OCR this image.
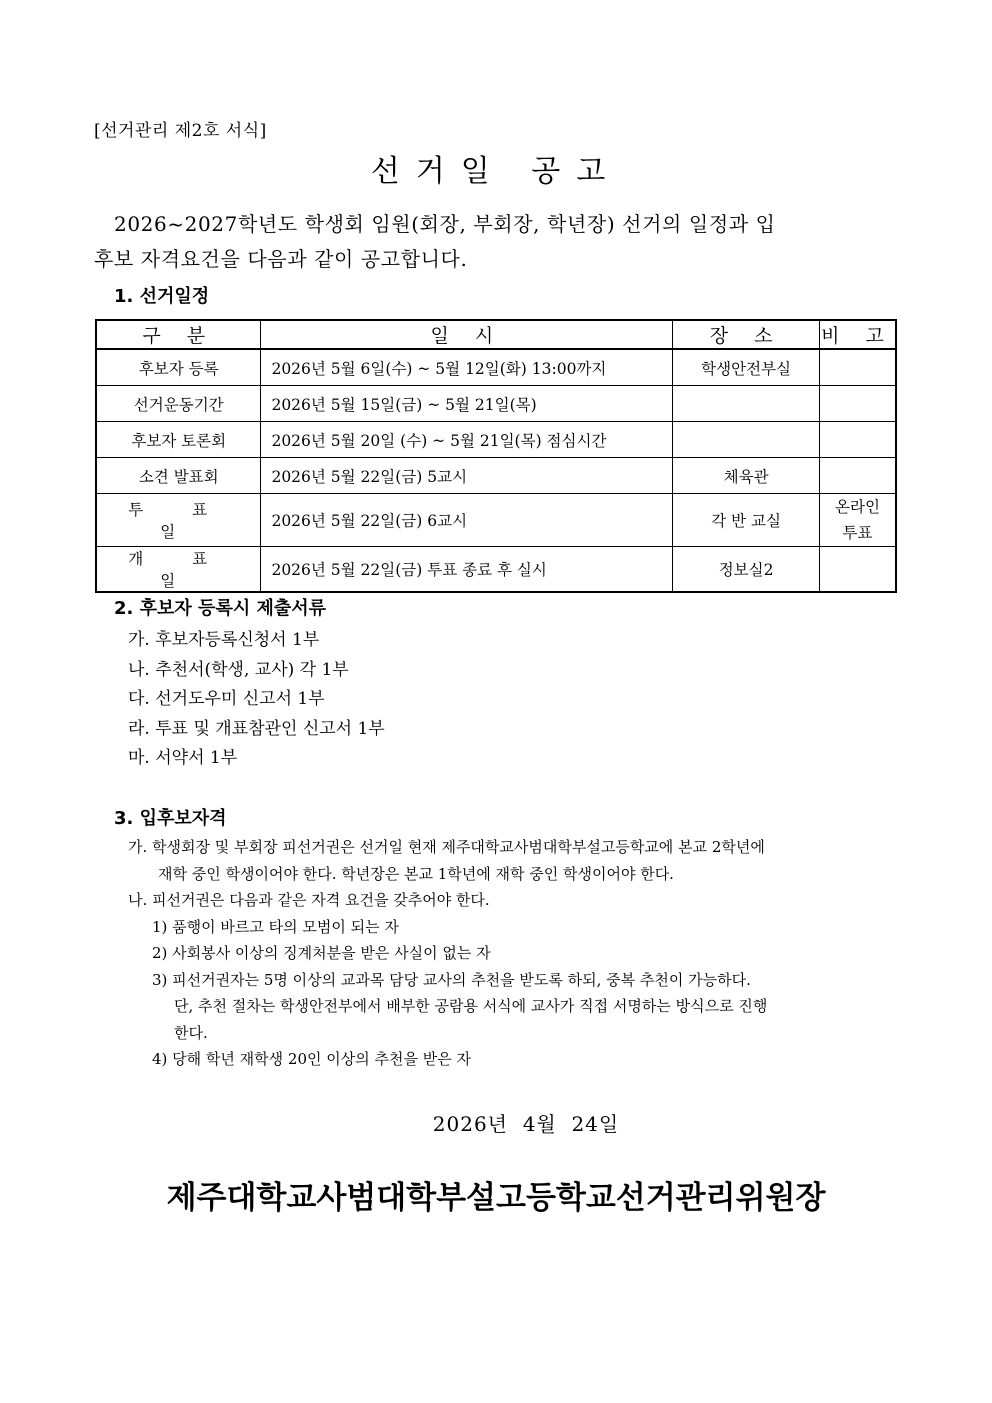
[선거관리 제2호 서식]
선거일 공고
2026~2027학년도 학생회 임원(회장, 부회장, 학년장) 선거의 일정과 입
후보 자격요건을 다음과 같이 공고합니다.
1. 선거일정
구 분	일 시	장 소	비 고
후보자 등록	2026년 5월 6일(수) ~ 5월 12일(화) 13:00까지	학생안전부실	
선거운동기간	2026년 5월 15일(금) ~ 5월 21일(목)		
후보자 토론회	2026년 5월 20일 (수) ~ 5월 21일(목) 점심시간		
소견 발표회	2026년 5월 22일(금) 5교시	체육관	
투 표 일	2026년 5월 22일(금) 6교시	각 반 교실	온라인
투표
개 표 일	2026년 5월 22일(금) 투표 종료 후 실시	정보실2	
2. 후보자 등록시 제출서류
가. 후보자등록신청서 1부
나. 추천서(학생, 교사) 각 1부
다. 선거도우미 신고서 1부
라. 투표 및 개표참관인 신고서 1부
마. 서약서 1부
3. 입후보자격
가. 학생회장 및 부회장 피선거권은 선거일 현재 제주대학교사범대학부설고등학교에 본교 2학년에
재학 중인 학생이어야 한다. 학년장은 본교 1학년에 재학 중인 학생이어야 한다.
나. 피선거권은 다음과 같은 자격 요건을 갖추어야 한다.
1) 품행이 바르고 타의 모범이 되는 자
2) 사회봉사 이상의 징계처분을 받은 사실이 없는 자
3) 피선거권자는 5명 이상의 교과목 담당 교사의 추천을 받도록 하되, 중복 추천이 가능하다.
단, 추천 절차는 학생안전부에서 배부한 공람용 서식에 교사가 직접 서명하는 방식으로 진행
한다.
4) 당해 학년 재학생 20인 이상의 추천을 받은 자
2026년  4월  24일
제주대학교사범대학부설고등학교선거관리위원장
